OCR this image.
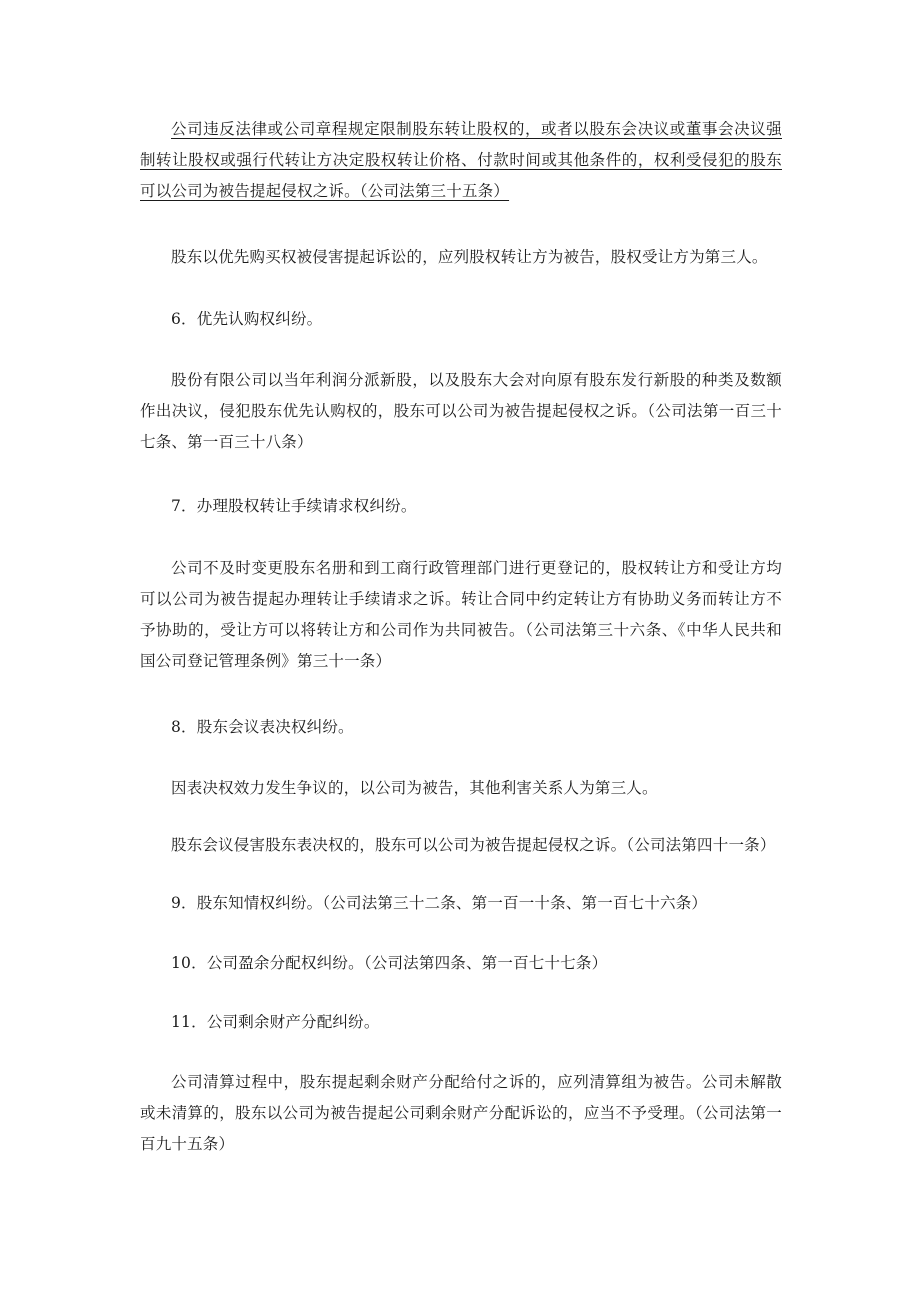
公司违反法律或公司章程规定限制股东转让股权的，或者以股东会决议或董事会决议强制转让股权或强行代转让方决定股权转让价格、付款时间或其他条件的，权利受侵犯的股东可以公司为被告提起侵权之诉。（公司法第三十五条）

股东以优先购买权被侵害提起诉讼的，应列股权转让方为被告，股权受让方为第三人。

6．优先认购权纠纷。

股份有限公司以当年利润分派新股，以及股东大会对向原有股东发行新股的种类及数额作出决议，侵犯股东优先认购权的，股东可以公司为被告提起侵权之诉。（公司法第一百三十七条、第一百三十八条）

7．办理股权转让手续请求权纠纷。

公司不及时变更股东名册和到工商行政管理部门进行更登记的，股权转让方和受让方均可以公司为被告提起办理转让手续请求之诉。转让合同中约定转让方有协助义务而转让方不予协助的，受让方可以将转让方和公司作为共同被告。（公司法第三十六条、《中华人民共和国公司登记管理条例》第三十一条）

8．股东会议表决权纠纷。

因表决权效力发生争议的，以公司为被告，其他利害关系人为第三人。

股东会议侵害股东表决权的，股东可以公司为被告提起侵权之诉。（公司法第四十一条）

9．股东知情权纠纷。（公司法第三十二条、第一百一十条、第一百七十六条）

10．公司盈余分配权纠纷。（公司法第四条、第一百七十七条）

11．公司剩余财产分配纠纷。

公司清算过程中，股东提起剩余财产分配给付之诉的，应列清算组为被告。公司未解散或未清算的，股东以公司为被告提起公司剩余财产分配诉讼的，应当不予受理。（公司法第一百九十五条）
